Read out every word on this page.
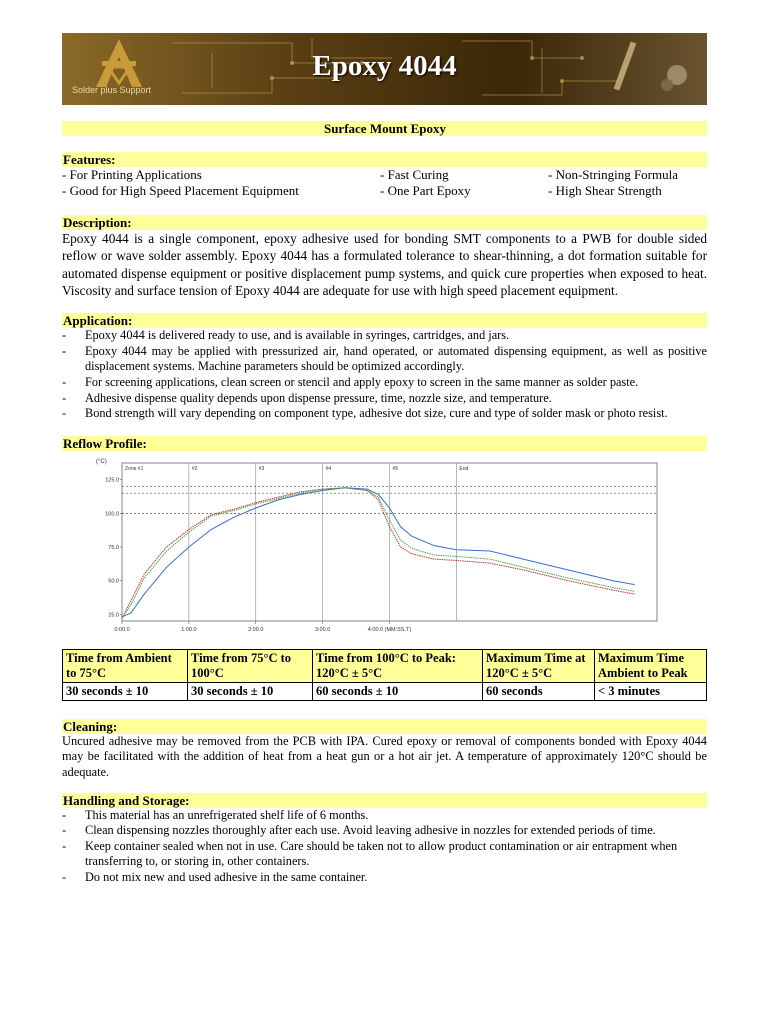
Solder plus Support
Epoxy 4044
Surface Mount Epoxy
Features:
- For Printing Applications	- Fast Curing	- Non-Stringing Formula
- Good for High Speed Placement Equipment	- One Part Epoxy	- High Shear Strength
Description:
Epoxy 4044 is a single component, epoxy adhesive used for bonding SMT components to a PWB for double sided reflow or wave solder assembly. Epoxy 4044 has a formulated tolerance to shear-thinning, a dot formation suitable for automated dispense equipment or positive displacement pump systems, and quick cure properties when exposed to heat. Viscosity and surface tension of Epoxy 4044 are adequate for use with high speed placement equipment.
Application:
- Epoxy 4044 is delivered ready to use, and is available in syringes, cartridges, and jars.
- Epoxy 4044 may be applied with pressurized air, hand operated, or automated dispensing equipment, as well as positive displacement systems. Machine parameters should be optimized accordingly.
- For screening applications, clean screen or stencil and apply epoxy to screen in the same manner as solder paste.
- Adhesive dispense quality depends upon dispense pressure, time, nozzle size, and temperature.
- Bond strength will vary depending on component type, adhesive dot size, cure and type of solder mask or photo resist.
Reflow Profile:
(°C)
Zone #1	#2	#3	#4	#5	End
125.0
100.0
75.0
50.0
25.0
0:00.0	1:00.0	2:00.0	3:00.0	4:00.0 (MM:SS.T)
Time from Ambient to 75°C	Time from 75°C to 100°C	Time from 100°C to Peak: 120°C ± 5°C	Maximum Time at 120°C ± 5°C	Maximum Time Ambient to Peak
30 seconds ± 10	30 seconds ± 10	60 seconds ± 10	60 seconds	< 3 minutes
Cleaning:
Uncured adhesive may be removed from the PCB with IPA. Cured epoxy or removal of components bonded with Epoxy 4044 may be facilitated with the addition of heat from a heat gun or a hot air jet. A temperature of approximately 120°C should be adequate.
Handling and Storage:
- This material has an unrefrigerated shelf life of 6 months.
- Clean dispensing nozzles thoroughly after each use. Avoid leaving adhesive in nozzles for extended periods of time.
- Keep container sealed when not in use. Care should be taken not to allow product contamination or air entrapment when transferring to, or storing in, other containers.
- Do not mix new and used adhesive in the same container.
